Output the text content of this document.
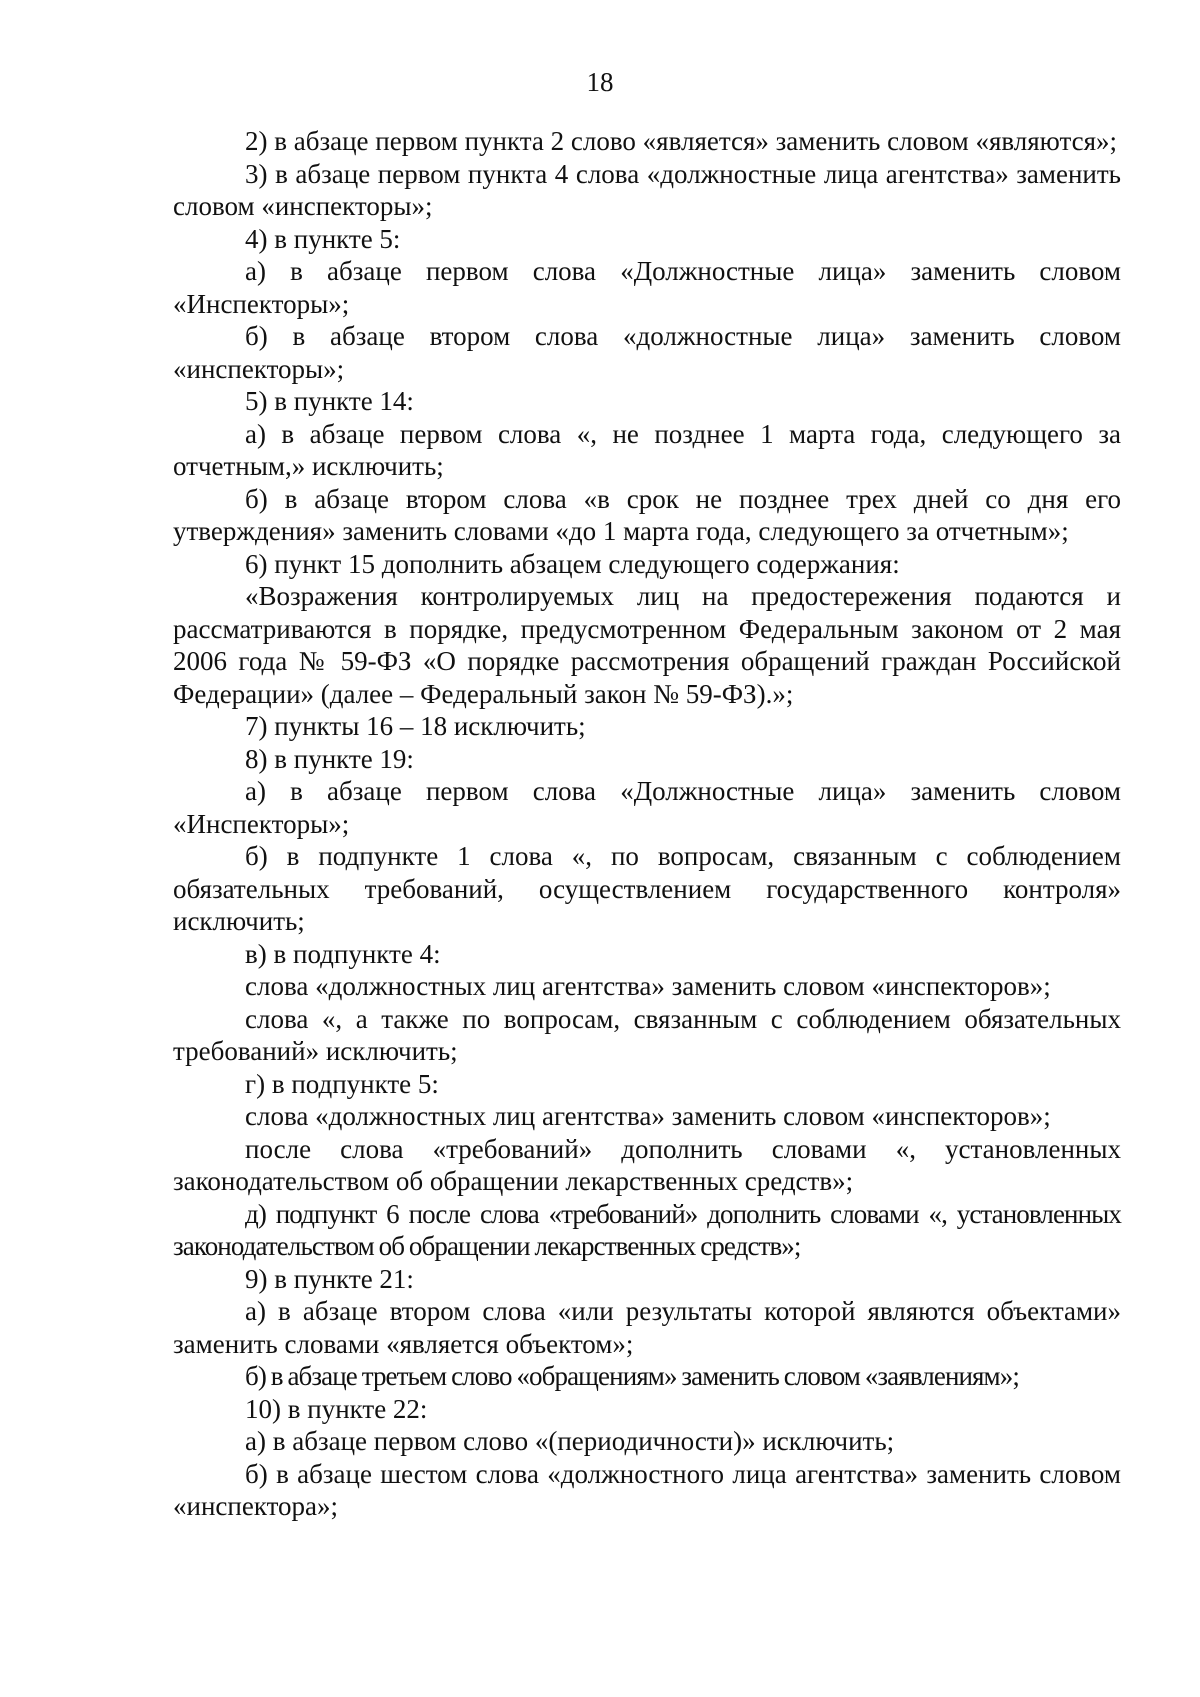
18

2) в абзаце первом пункта 2 слово «является» заменить словом «являются»;

3) в абзаце первом пункта 4 слова «должностные лица агентства» заменить словом «инспекторы»;

4) в пункте 5:

а) в абзаце первом слова «Должностные лица» заменить словом «Инспекторы»;

б) в абзаце втором слова «должностные лица» заменить словом «инспекторы»;

5) в пункте 14:

а) в абзаце первом слова «, не позднее 1 марта года, следующего за отчетным,» исключить;

б) в абзаце втором слова «в срок не позднее трех дней со дня его утверждения» заменить словами «до 1 марта года, следующего за отчетным»;

6) пункт 15 дополнить абзацем следующего содержания:

«Возражения контролируемых лиц на предостережения подаются и рассматриваются в порядке, предусмотренном Федеральным законом от 2 мая 2006 года № 59-ФЗ «О порядке рассмотрения обращений граждан Российской Федерации» (далее – Федеральный закон № 59-ФЗ).»;

7) пункты 16 – 18 исключить;

8) в пункте 19:

а) в абзаце первом слова «Должностные лица» заменить словом «Инспекторы»;

б) в подпункте 1 слова «, по вопросам, связанным с соблюдением обязательных требований, осуществлением государственного контроля» исключить;

в) в подпункте 4:

слова «должностных лиц агентства» заменить словом «инспекторов»;

слова «, а также по вопросам, связанным с соблюдением обязательных требований» исключить;

г) в подпункте 5:

слова «должностных лиц агентства» заменить словом «инспекторов»;

после слова «требований» дополнить словами «, установленных законодательством об обращении лекарственных средств»;

д) подпункт 6 после слова «требований» дополнить словами «, установленных законодательством об обращении лекарственных средств»;

9) в пункте 21:

а) в абзаце втором слова «или результаты которой являются объектами» заменить словами «является объектом»;

б) в абзаце третьем слово «обращениям» заменить словом «заявлениям»;

10) в пункте 22:

а) в абзаце первом слово «(периодичности)» исключить;

б) в абзаце шестом слова «должностного лица агентства» заменить словом «инспектора»;
